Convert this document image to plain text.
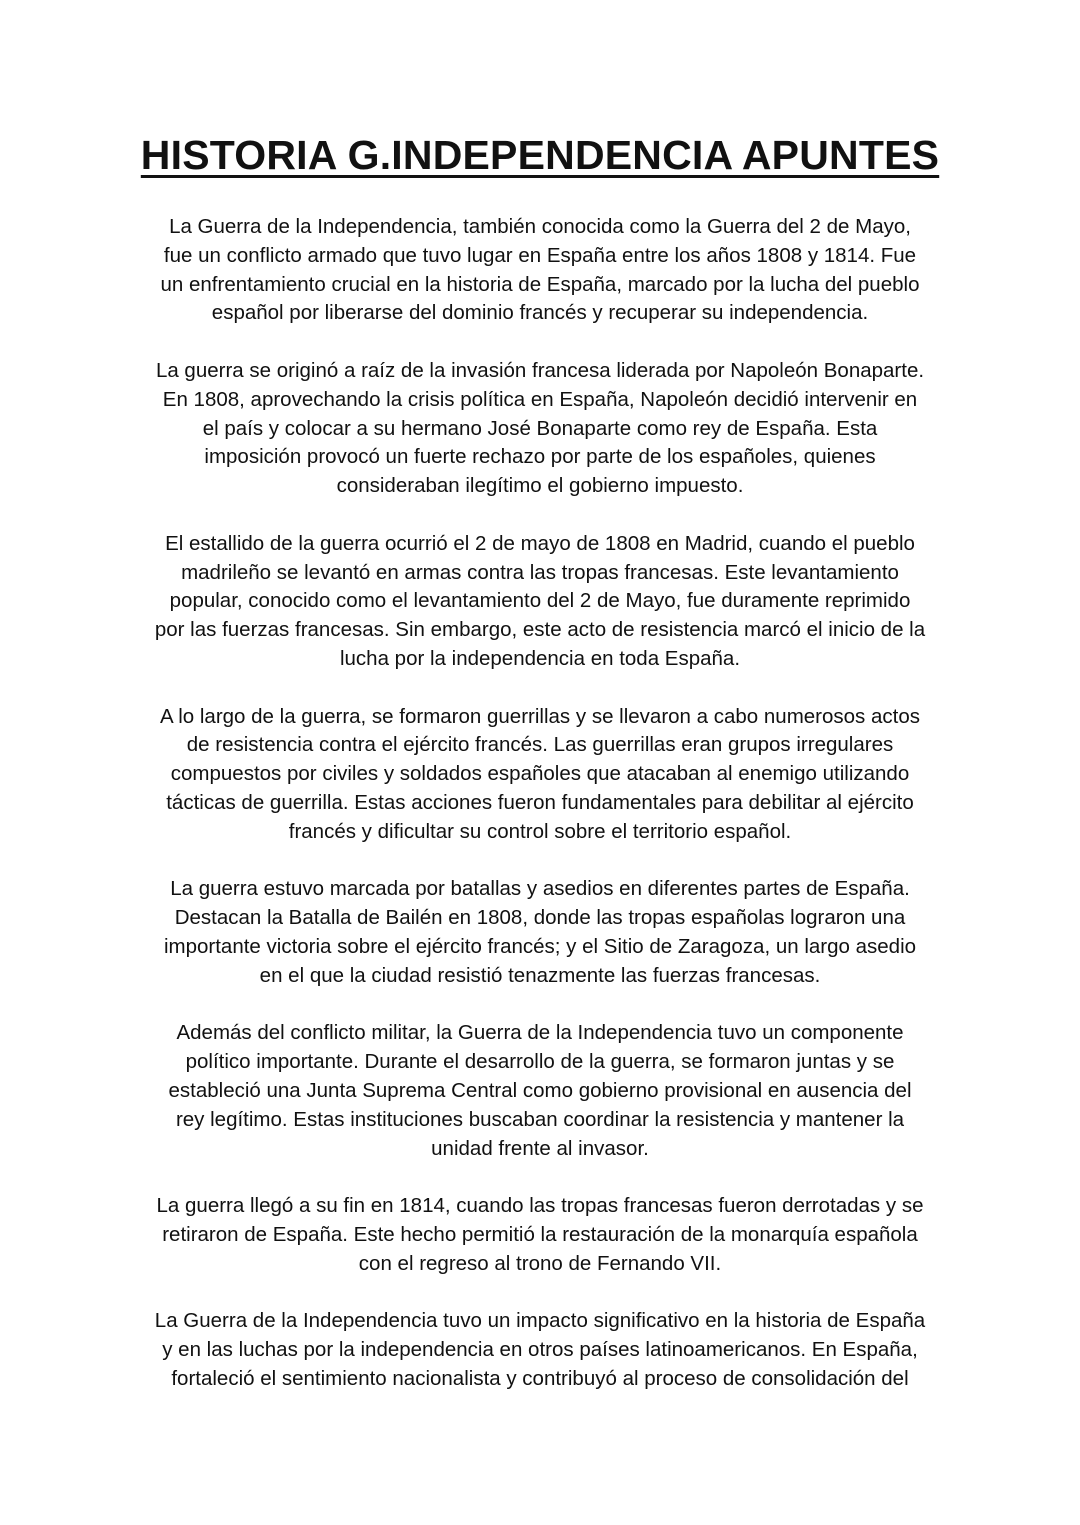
HISTORIA G.INDEPENDENCIA APUNTES

La Guerra de la Independencia, también conocida como la Guerra del 2 de Mayo,
fue un conflicto armado que tuvo lugar en España entre los años 1808 y 1814. Fue
un enfrentamiento crucial en la historia de España, marcado por la lucha del pueblo
español por liberarse del dominio francés y recuperar su independencia.

La guerra se originó a raíz de la invasión francesa liderada por Napoleón Bonaparte.
En 1808, aprovechando la crisis política en España, Napoleón decidió intervenir en
el país y colocar a su hermano José Bonaparte como rey de España. Esta
imposición provocó un fuerte rechazo por parte de los españoles, quienes
consideraban ilegítimo el gobierno impuesto.

El estallido de la guerra ocurrió el 2 de mayo de 1808 en Madrid, cuando el pueblo
madrileño se levantó en armas contra las tropas francesas. Este levantamiento
popular, conocido como el levantamiento del 2 de Mayo, fue duramente reprimido
por las fuerzas francesas. Sin embargo, este acto de resistencia marcó el inicio de la
lucha por la independencia en toda España.

A lo largo de la guerra, se formaron guerrillas y se llevaron a cabo numerosos actos
de resistencia contra el ejército francés. Las guerrillas eran grupos irregulares
compuestos por civiles y soldados españoles que atacaban al enemigo utilizando
tácticas de guerrilla. Estas acciones fueron fundamentales para debilitar al ejército
francés y dificultar su control sobre el territorio español.

La guerra estuvo marcada por batallas y asedios en diferentes partes de España.
Destacan la Batalla de Bailén en 1808, donde las tropas españolas lograron una
importante victoria sobre el ejército francés; y el Sitio de Zaragoza, un largo asedio
en el que la ciudad resistió tenazmente las fuerzas francesas.

Además del conflicto militar, la Guerra de la Independencia tuvo un componente
político importante. Durante el desarrollo de la guerra, se formaron juntas y se
estableció una Junta Suprema Central como gobierno provisional en ausencia del
rey legítimo. Estas instituciones buscaban coordinar la resistencia y mantener la
unidad frente al invasor.

La guerra llegó a su fin en 1814, cuando las tropas francesas fueron derrotadas y se
retiraron de España. Este hecho permitió la restauración de la monarquía española
con el regreso al trono de Fernando VII.

La Guerra de la Independencia tuvo un impacto significativo en la historia de España
y en las luchas por la independencia en otros países latinoamericanos. En España,
fortaleció el sentimiento nacionalista y contribuyó al proceso de consolidación del
